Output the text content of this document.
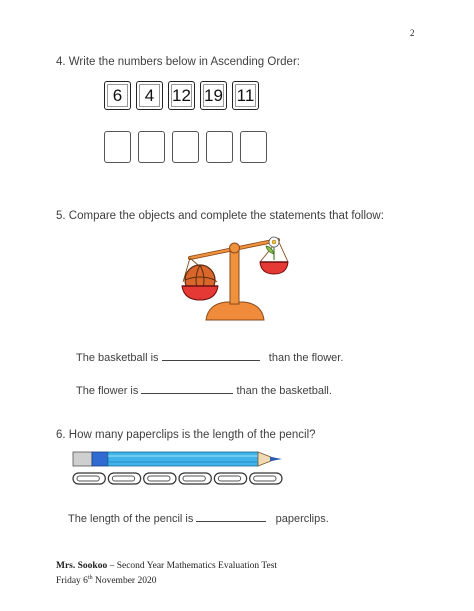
2
4. Write the numbers below in Ascending Order:
6	4	12 19 11
5. Compare the objects and complete the statements that follow:
The basketball is	than the flower.
The flower is	than the basketball.
6. How many paperclips is the length of the pencil?
The length of the pencil is	paperclips.
Mrs. Sookoo – Second Year Mathematics Evaluation Test
Friday 6th November 2020
